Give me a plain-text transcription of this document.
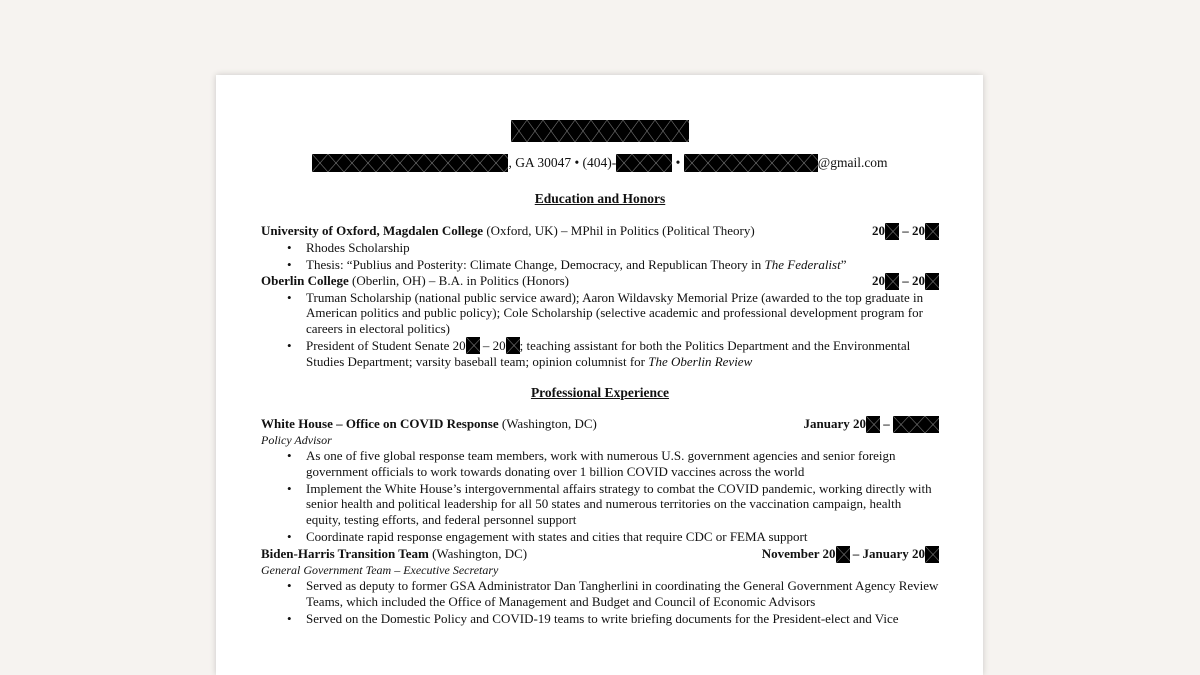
, GA 30047 • (404)-	•	@gmail.com
Education and Honors
University of Oxford, Magdalen College (Oxford, UK) – MPhil in Politics (Political Theory)	20 – 20
• Rhodes Scholarship
• Thesis: “Publius and Posterity: Climate Change, Democracy, and Republican Theory in The Federalist”
Oberlin College (Oberlin, OH) – B.A. in Politics (Honors)	20 – 20
• Truman Scholarship (national public service award); Aaron Wildavsky Memorial Prize (awarded to the top graduate in American politics and public policy); Cole Scholarship (selective academic and professional development program for careers in electoral politics)
• President of Student Senate 20 – 20 ; teaching assistant for both the Politics Department and the Environmental Studies Department; varsity baseball team; opinion columnist for The Oberlin Review
Professional Experience
White House – Office on COVID Response (Washington, DC)	January 20 –
Policy Advisor
• As one of five global response team members, work with numerous U.S. government agencies and senior foreign government officials to work towards donating over 1 billion COVID vaccines across the world
• Implement the White House’s intergovernmental affairs strategy to combat the COVID pandemic, working directly with senior health and political leadership for all 50 states and numerous territories on the vaccination campaign, health equity, testing efforts, and federal personnel support
• Coordinate rapid response engagement with states and cities that require CDC or FEMA support
Biden-Harris Transition Team (Washington, DC)	November 20 – January 20
General Government Team – Executive Secretary
• Served as deputy to former GSA Administrator Dan Tangherlini in coordinating the General Government Agency Review Teams, which included the Office of Management and Budget and Council of Economic Advisors
• Served on the Domestic Policy and COVID-19 teams to write briefing documents for the President-elect and Vice
